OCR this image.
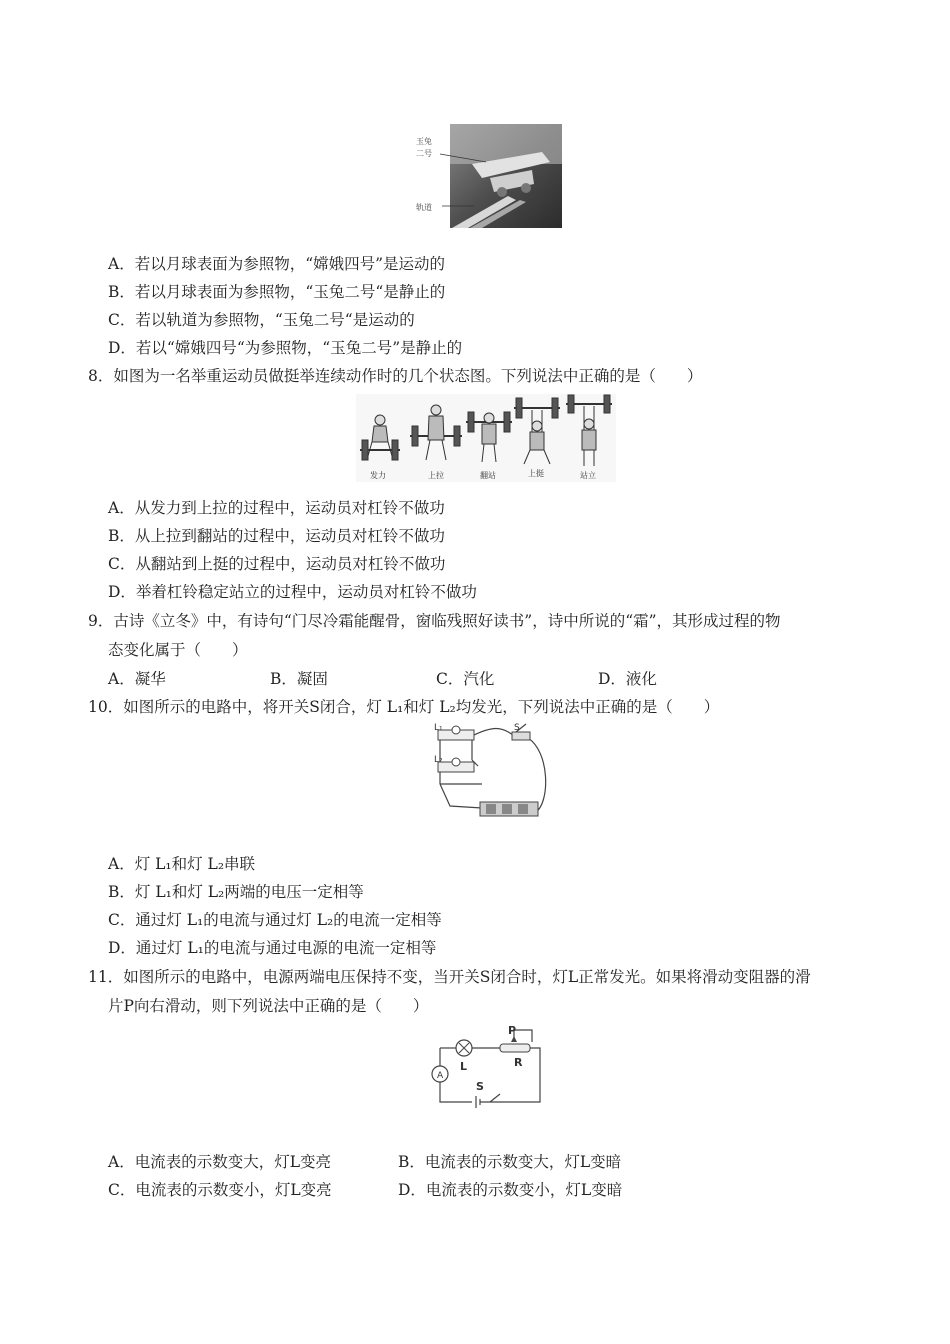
玉兔
二号
轨道
A．若以月球表面为参照物，“嫦娥四号”是运动的
B．若以月球表面为参照物，“玉兔二号“是静止的
C．若以轨道为参照物，“玉兔二号“是运动的
D．若以“嫦娥四号“为参照物，“玉兔二号”是静止的
8．如图为一名举重运动员做挺举连续动作时的几个状态图。下列说法中正确的是（　　）
发力	上拉	翻站	上挺	站立
A．从发力到上拉的过程中，运动员对杠铃不做功
B．从上拉到翻站的过程中，运动员对杠铃不做功
C．从翻站到上挺的过程中，运动员对杠铃不做功
D．举着杠铃稳定站立的过程中，运动员对杠铃不做功
9．古诗《立冬》中，有诗句“门尽冷霜能醒骨，窗临残照好读书”，诗中所说的“霜”，其形成过程的物
态变化属于（　　）
A．凝华	B．凝固	C．汽化	D．液化
10．如图所示的电路中，将开关S闭合，灯 L₁和灯 L₂均发光，下列说法中正确的是（　　）
L₁
L₂
S
A．灯 L₁和灯 L₂串联
B．灯 L₁和灯 L₂两端的电压一定相等
C．通过灯 L₁的电流与通过灯 L₂的电流一定相等
D．通过灯 L₁的电流与通过电源的电流一定相等
11．如图所示的电路中，电源两端电压保持不变，当开关S闭合时，灯L正常发光。如果将滑动变阻器的滑
片P向右滑动，则下列说法中正确的是（　　）
A
P
R
L
S
A．电流表的示数变大，灯L变亮	B．电流表的示数变大，灯L变暗
C．电流表的示数变小，灯L变亮	D．电流表的示数变小，灯L变暗
